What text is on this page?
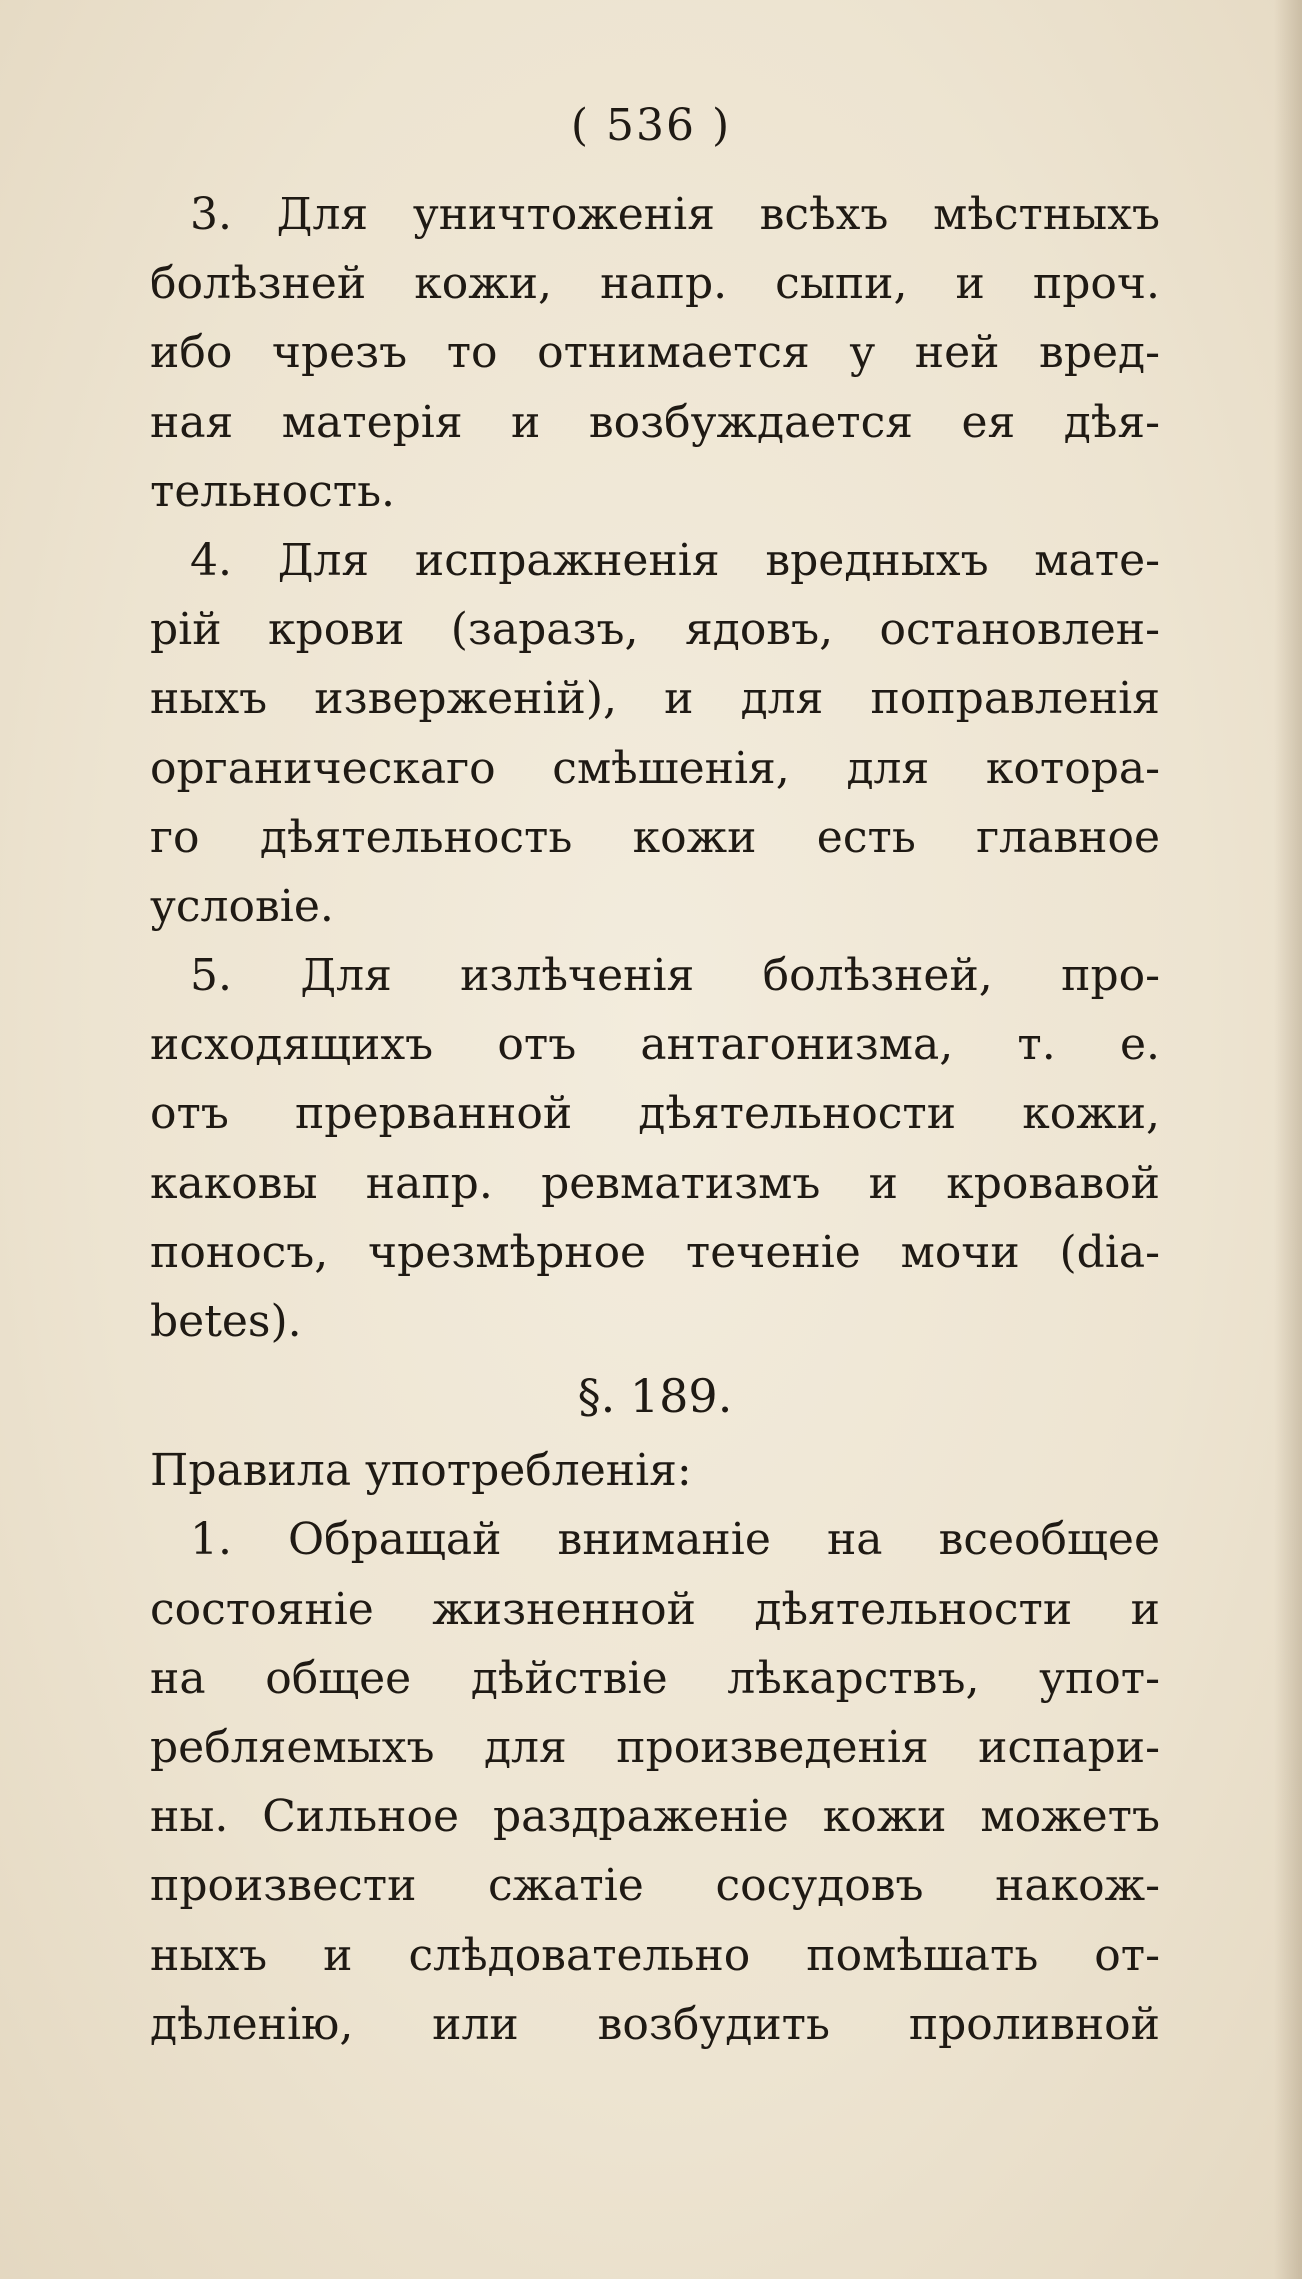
( 536 )
3. Для уничтоженія всѣхъ мѣстныхъ
болѣзней кожи, напр. сыпи, и проч.
ибо чрезъ то отнимается у ней вред-
ная матерія и возбуждается ея дѣя-
тельность.
4. Для испражненія вредныхъ мате-
рій крови (заразъ, ядовъ, остановлен-
ныхъ изверженій), и для поправленія
органическаго смѣшенія, для котора-
го дѣятельность кожи есть главное
условіе.
5. Для излѣченія болѣзней, про-
исходящихъ отъ антагонизма, т. е.
отъ прерванной дѣятельности кожи,
каковы напр. ревматизмъ и кровавой
поносъ, чрезмѣрное теченіе мочи (dia-
betes).
§. 189.
Правила употребленія:
1. Обращай вниманіе на всеобщее
состояніе жизненной дѣятельности и
на общее дѣйствіе лѣкарствъ, упот-
ребляемыхъ для произведенія испари-
ны. Сильное раздраженіе кожи можетъ
произвести сжатіе сосудовъ накож-
ныхъ и слѣдовательно помѣшать от-
дѣленію, или возбудить проливной
